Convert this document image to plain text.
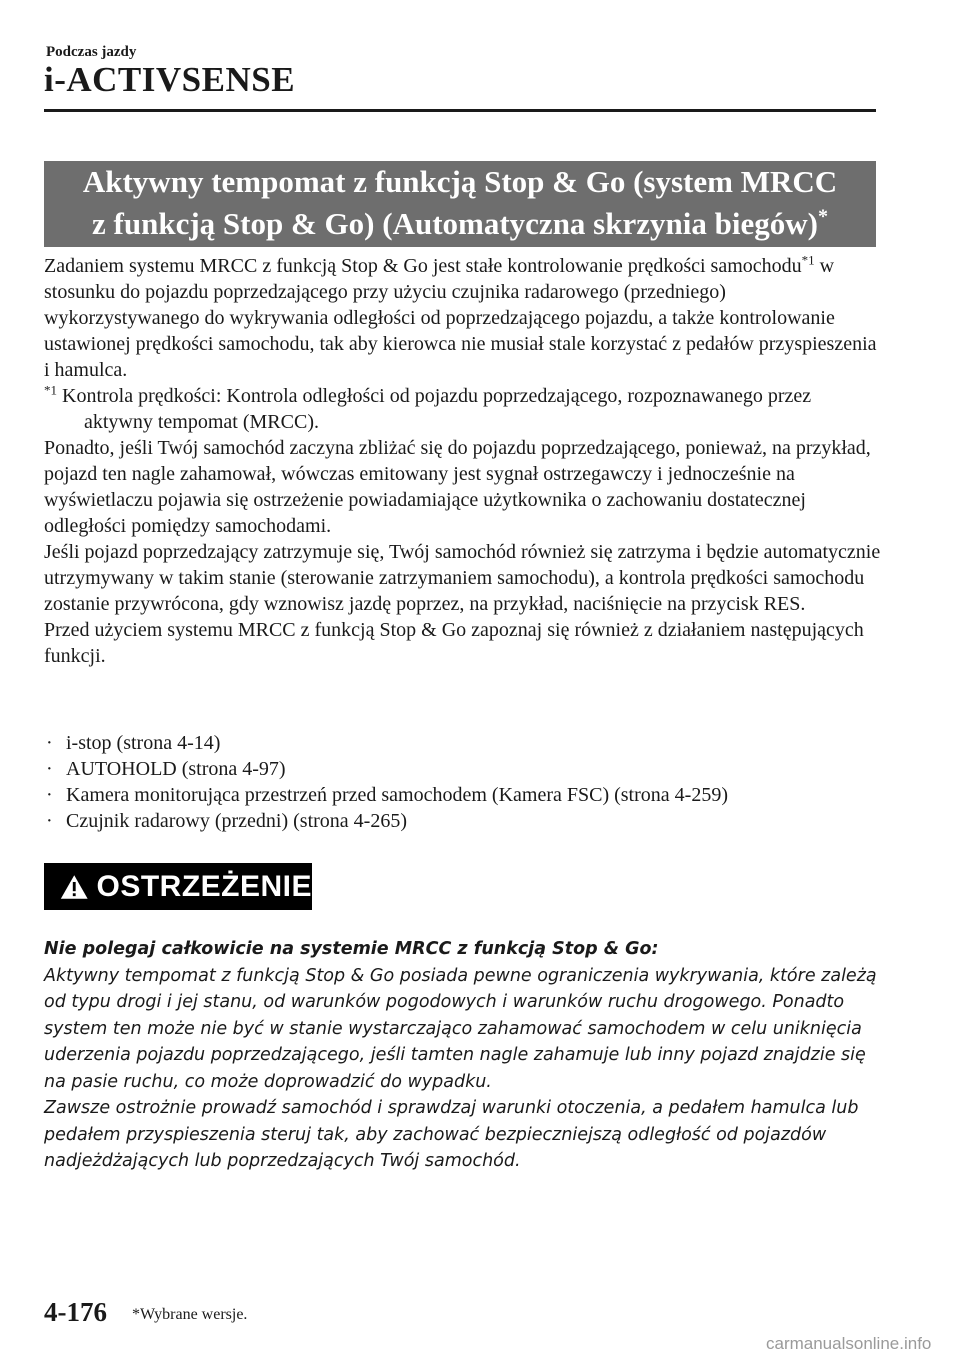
Podczas jazdy
i-ACTIVSENSE
Aktywny tempomat z funkcją Stop & Go (system MRCC
z funkcją Stop & Go) (Automatyczna skrzynia biegów)*

Zadaniem systemu MRCC z funkcją Stop & Go jest stałe kontrolowanie prędkości samochodu$^{*1}$ w stosunku do pojazdu poprzedzającego przy użyciu czujnika radarowego (przedniego) wykorzystywanego do wykrywania odległości od poprzedzającego pojazdu, a także kontrolowanie ustawionej prędkości samochodu, tak aby kierowca nie musiał stale korzystać z pedałów przyspieszenia i hamulca.

$^{*1}$ Kontrola prędkości: Kontrola odległości od pojazdu poprzedzającego, rozpoznawanego przez aktywny tempomat (MRCC).

Ponadto, jeśli Twój samochód zaczyna zbliżać się do pojazdu poprzedzającego, ponieważ, na przykład, pojazd ten nagle zahamował, wówczas emitowany jest sygnał ostrzegawczy i jednocześnie na wyświetlaczu pojawia się ostrzeżenie powiadamiające użytkownika o zachowaniu dostatecznej odległości pomiędzy samochodami.

Jeśli pojazd poprzedzający zatrzymuje się, Twój samochód również się zatrzyma i będzie automatycznie utrzymywany w takim stanie (sterowanie zatrzymaniem samochodu), a kontrola prędkości samochodu zostanie przywrócona, gdy wznowisz jazdę poprzez, na przykład, naciśnięcie na przycisk RES.

Przed użyciem systemu MRCC z funkcją Stop & Go zapoznaj się również z działaniem następujących funkcji.

· i-stop (strona 4-14)
· AUTOHOLD (strona 4-97)
· Kamera monitorująca przestrzeń przed samochodem (Kamera FSC) (strona 4-259)
· Czujnik radarowy (przedni) (strona 4-265)
OSTRZEŻENIE

Nie polegaj całkowicie na systemie MRCC z funkcją Stop & Go:

Aktywny tempomat z funkcją Stop & Go posiada pewne ograniczenia wykrywania, które zależą od typu drogi i jej stanu, od warunków pogodowych i warunków ruchu drogowego. Ponadto system ten może nie być w stanie wystarczająco zahamować samochodem w celu uniknięcia uderzenia pojazdu poprzedzającego, jeśli tamten nagle zahamuje lub inny pojazd znajdzie się na pasie ruchu, co może doprowadzić do wypadku.

Zawsze ostrożnie prowadź samochód i sprawdzaj warunki otoczenia, a pedałem hamulca lub pedałem przyspieszenia steruj tak, aby zachować bezpieczniejszą odległość od pojazdów nadjeżdżających lub poprzedzających Twój samochód.

4-176 *Wybrane wersje.
carmanualsonline.info
